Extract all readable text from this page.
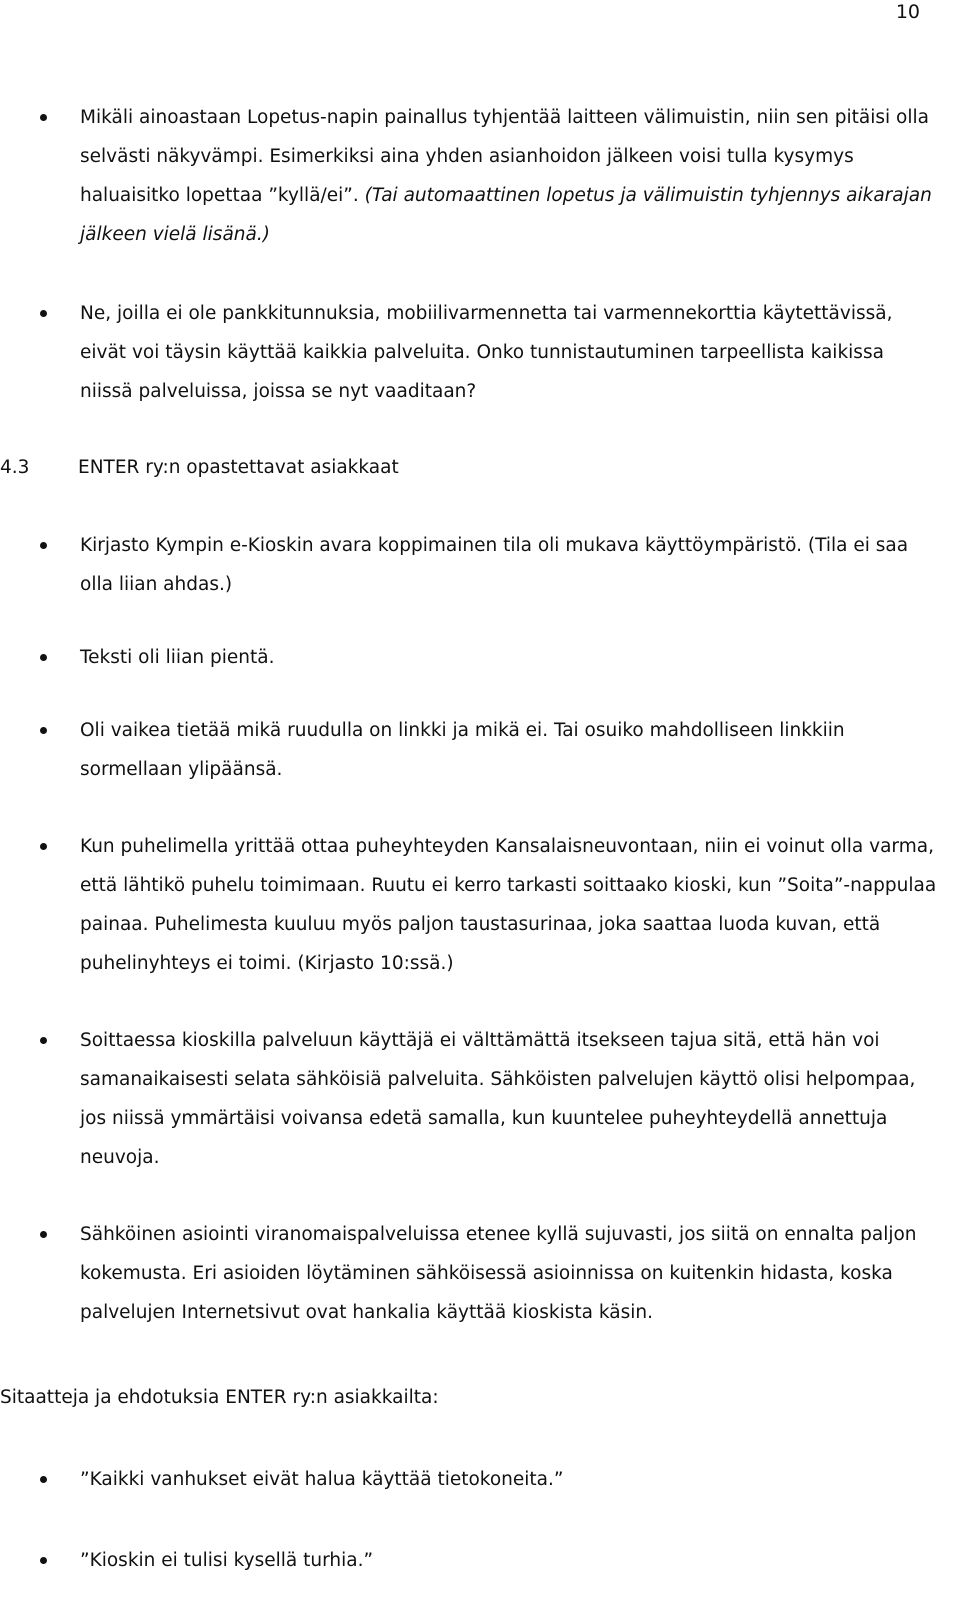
10
Mikäli ainoastaan Lopetus-napin painallus tyhjentää laitteen välimuistin, niin sen pitäisi olla selvästi näkyvämpi. Esimerkiksi aina yhden asianhoidon jälkeen voisi tulla kysymys haluaisitko lopettaa ”kyllä/ei”. (Tai automaattinen lopetus ja välimuistin tyhjennys aikarajan jälkeen vielä lisänä.)
Ne, joilla ei ole pankkitunnuksia, mobiilivarmennetta tai varmennekorttia käytettävissä, eivät voi täysin käyttää kaikkia palveluita. Onko tunnistautuminen tarpeellista kaikissa niissä palveluissa, joissa se nyt vaaditaan?
4.3	ENTER ry:n opastettavat asiakkaat
Kirjasto Kympin e-Kioskin avara koppimainen tila oli mukava käyttöympäristö. (Tila ei saa olla liian ahdas.)
Teksti oli liian pientä.
Oli vaikea tietää mikä ruudulla on linkki ja mikä ei. Tai osuiko mahdolliseen linkkiin sormellaan ylipäänsä.
Kun puhelimella yrittää ottaa puheyhteyden Kansalaisneuvontaan, niin ei voinut olla varma, että lähtikö puhelu toimimaan. Ruutu ei kerro tarkasti soittaako kioski, kun ”Soita”-nappulaa painaa. Puhelimesta kuuluu myös paljon taustasurinaa, joka saattaa luoda kuvan, että puhelinyhteys ei toimi. (Kirjasto 10:ssä.)
Soittaessa kioskilla palveluun käyttäjä ei välttämättä itsekseen tajua sitä, että hän voi samanaikaisesti selata sähköisiä palveluita. Sähköisten palvelujen käyttö olisi helpompaa, jos niissä ymmärtäisi voivansa edetä samalla, kun kuuntelee puheyhteydellä annettuja neuvoja.
Sähköinen asiointi viranomaispalveluissa etenee kyllä sujuvasti, jos siitä on ennalta paljon kokemusta. Eri asioiden löytäminen sähköisessä asioinnissa on kuitenkin hidasta, koska palvelujen Internetsivut ovat hankalia käyttää kioskista käsin.

Sitaatteja ja ehdotuksia ENTER ry:n asiakkailta:

”Kaikki vanhukset eivät halua käyttää tietokoneita.”
”Kioskin ei tulisi kysellä turhia.”
